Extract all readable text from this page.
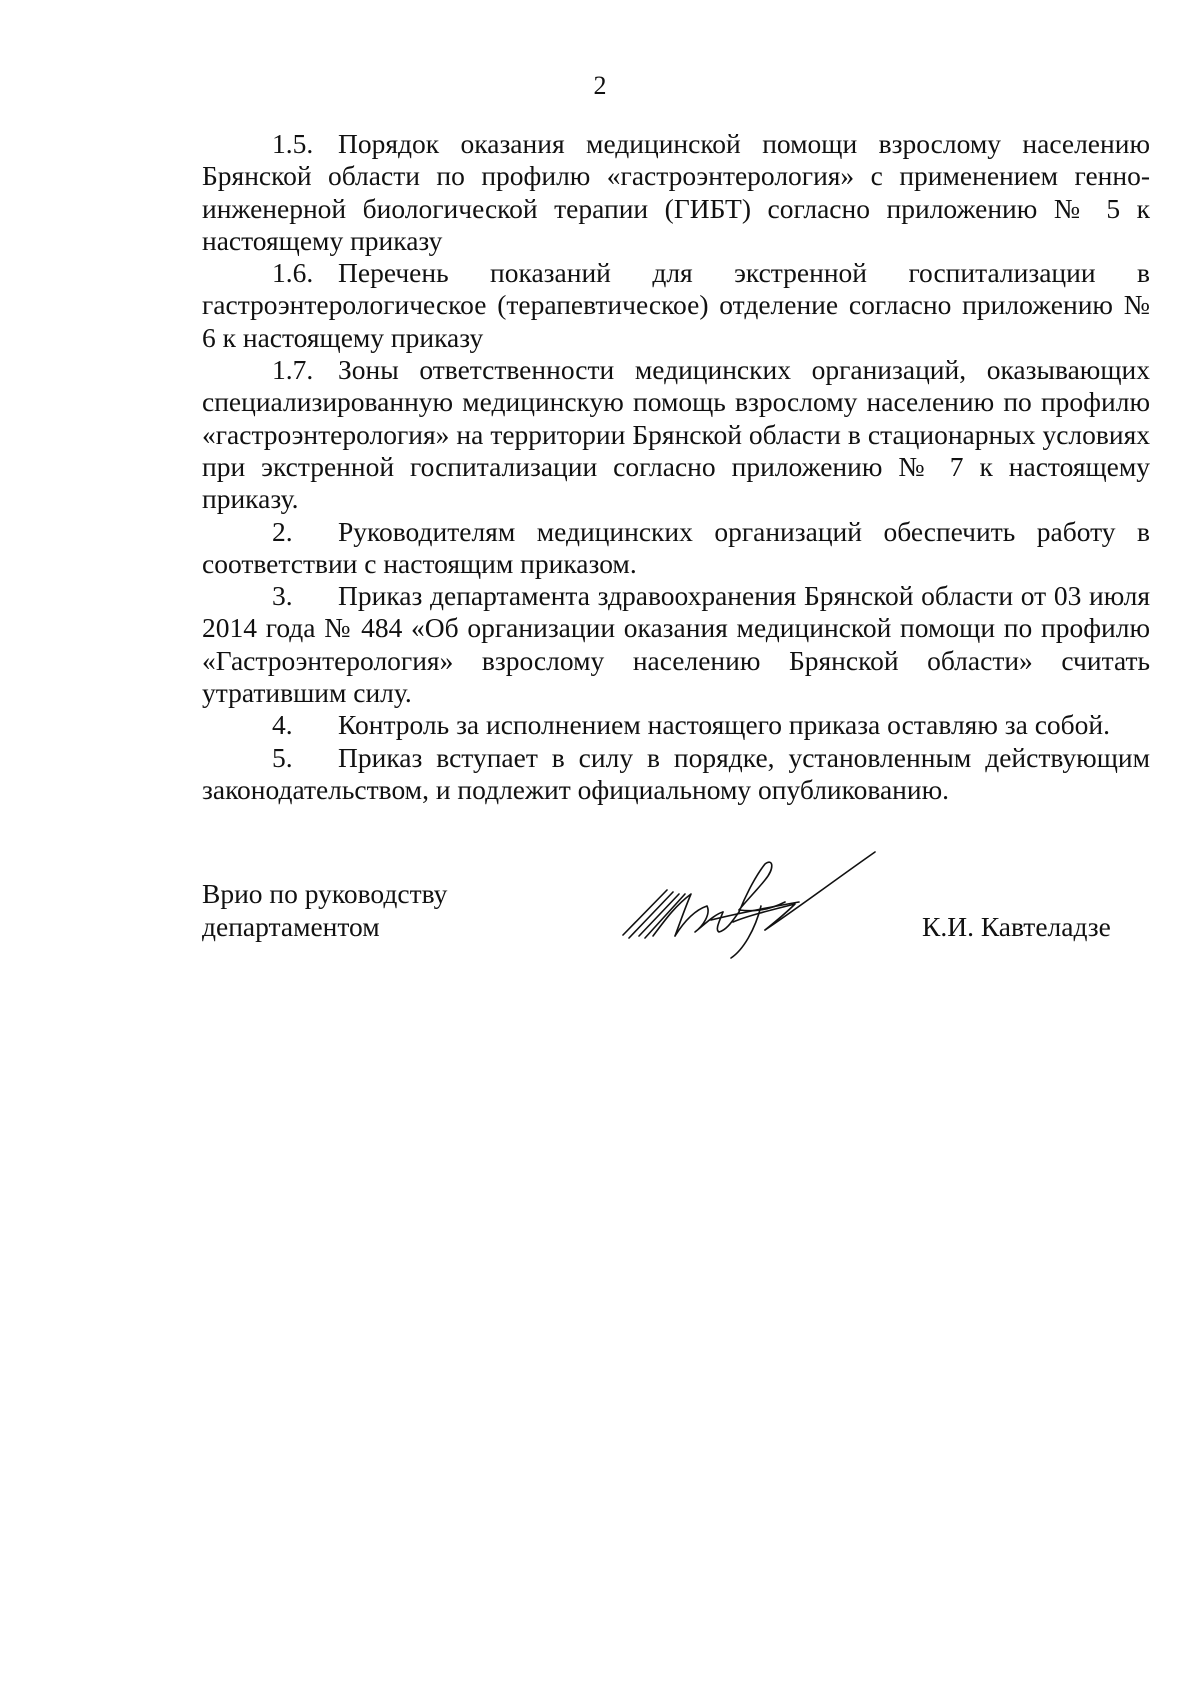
2

1.5. Порядок оказания медицинской помощи взрослому населению Брянской области по профилю «гастроэнтерология» с применением генно-инженерной биологической терапии (ГИБТ) согласно приложению № 5 к настоящему приказу

1.6. Перечень показаний для экстренной госпитализации в гастроэнтерологическое (терапевтическое) отделение согласно приложению № 6 к настоящему приказу

1.7. Зоны ответственности медицинских организаций, оказывающих специализированную медицинскую помощь взрослому населению по профилю «гастроэнтерология» на территории Брянской области в стационарных условиях при экстренной госпитализации согласно приложению № 7 к настоящему приказу.

2. Руководителям медицинских организаций обеспечить работу в соответствии с настоящим приказом.

3. Приказ департамента здравоохранения Брянской области от 03 июля 2014 года № 484 «Об организации оказания медицинской помощи по профилю «Гастроэнтерология» взрослому населению Брянской области» считать утратившим силу.

4. Контроль за исполнением настоящего приказа оставляю за собой.

5. Приказ вступает в силу в порядке, установленным действующим законодательством, и подлежит официальному опубликованию.

Врио по руководству
департаментом	К.И. Кавтеладзе
